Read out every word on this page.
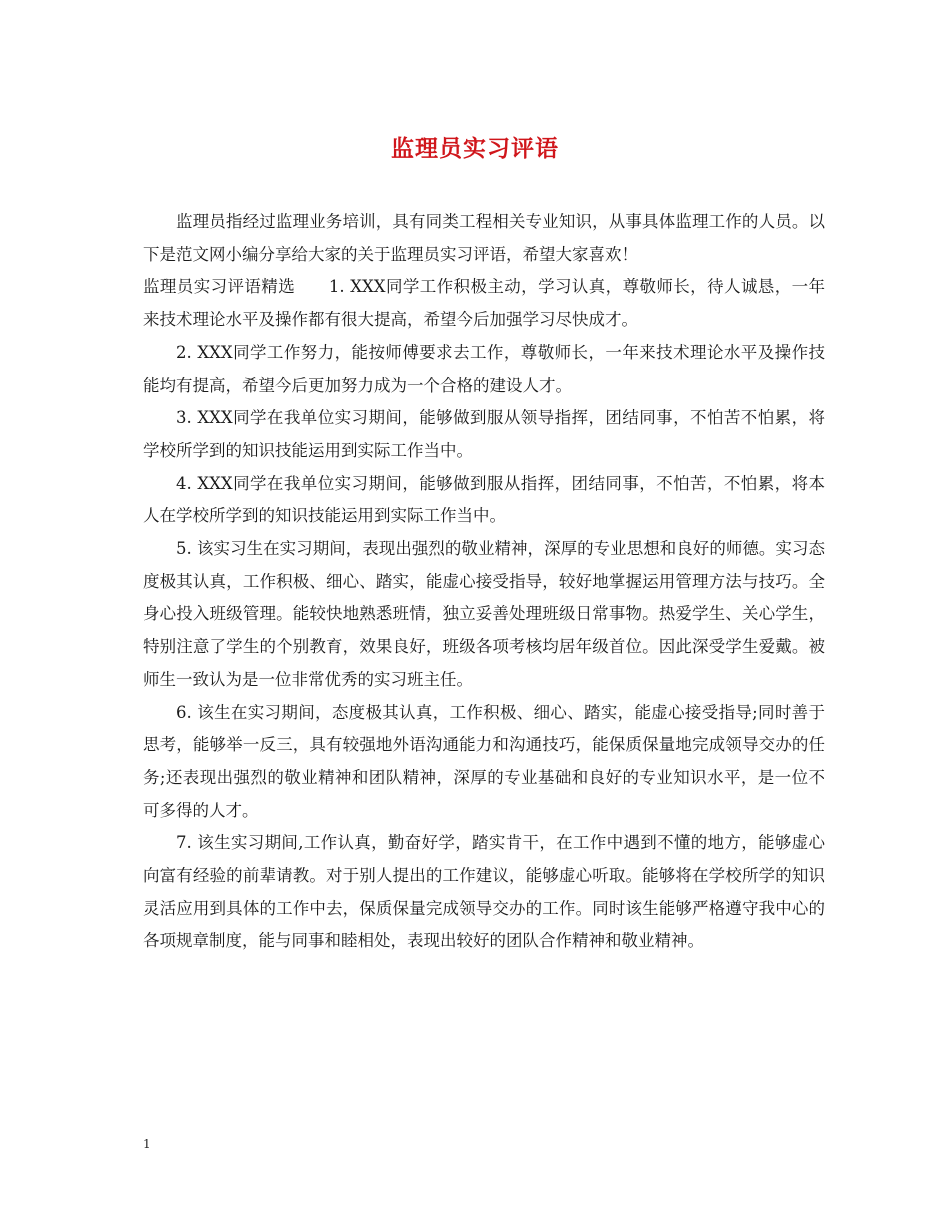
监理员实习评语

监理员指经过监理业务培训，具有同类工程相关专业知识，从事具体监理工作的人员。以下是范文网小编分享给大家的关于监理员实习评语，希望大家喜欢！

监理员实习评语精选　　1. XXX同学工作积极主动，学习认真，尊敬师长，待人诚恳，一年来技术理论水平及操作都有很大提高，希望今后加强学习尽快成才。

2. XXX同学工作努力，能按师傅要求去工作，尊敬师长，一年来技术理论水平及操作技能均有提高，希望今后更加努力成为一个合格的建设人才。

3. XXX同学在我单位实习期间，能够做到服从领导指挥，团结同事，不怕苦不怕累，将学校所学到的知识技能运用到实际工作当中。

4. XXX同学在我单位实习期间，能够做到服从指挥，团结同事，不怕苦，不怕累，将本人在学校所学到的知识技能运用到实际工作当中。

5. 该实习生在实习期间，表现出强烈的敬业精神，深厚的专业思想和良好的师德。实习态度极其认真，工作积极、细心、踏实，能虚心接受指导，较好地掌握运用管理方法与技巧。全身心投入班级管理。能较快地熟悉班情，独立妥善处理班级日常事物。热爱学生、关心学生，特别注意了学生的个别教育，效果良好，班级各项考核均居年级首位。因此深受学生爱戴。被师生一致认为是一位非常优秀的实习班主任。

6. 该生在实习期间，态度极其认真，工作积极、细心、踏实，能虚心接受指导;同时善于思考，能够举一反三，具有较强地外语沟通能力和沟通技巧，能保质保量地完成领导交办的任务;还表现出强烈的敬业精神和团队精神，深厚的专业基础和良好的专业知识水平，是一位不可多得的人才。

7. 该生实习期间,工作认真，勤奋好学，踏实肯干，在工作中遇到不懂的地方，能够虚心向富有经验的前辈请教。对于别人提出的工作建议，能够虚心听取。能够将在学校所学的知识灵活应用到具体的工作中去，保质保量完成领导交办的工作。同时该生能够严格遵守我中心的各项规章制度，能与同事和睦相处，表现出较好的团队合作精神和敬业精神。

1
